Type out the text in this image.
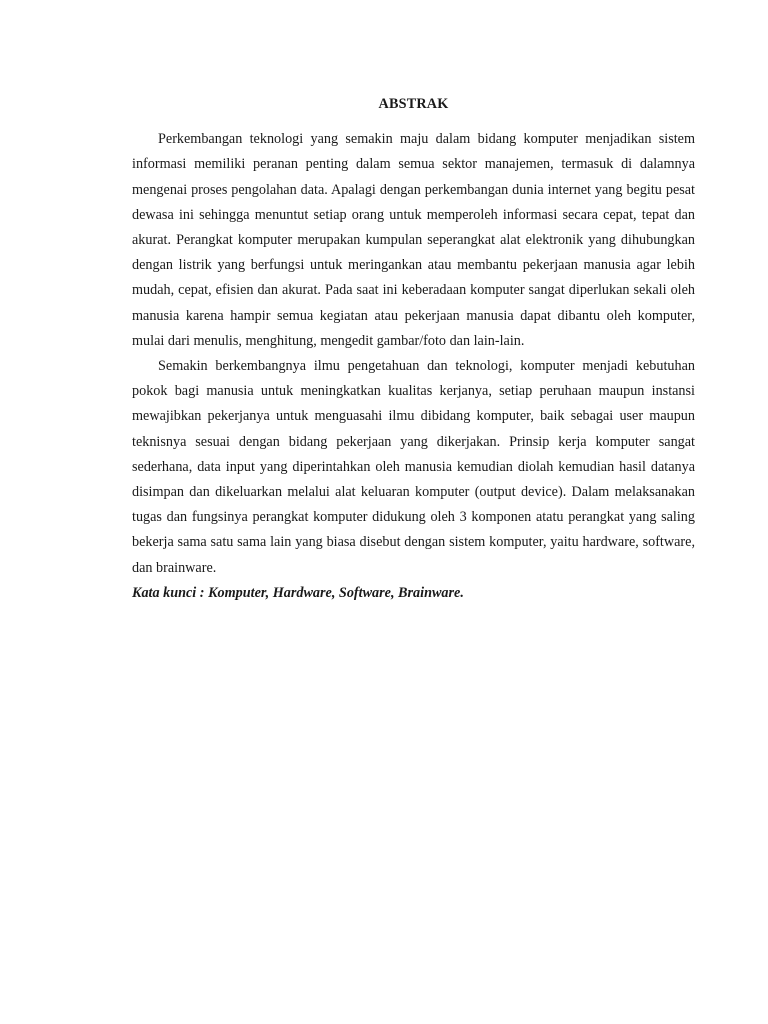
ABSTRAK

Perkembangan teknologi yang semakin maju dalam bidang komputer menjadikan sistem informasi memiliki peranan penting dalam semua sektor manajemen, termasuk di dalamnya mengenai proses pengolahan data. Apalagi dengan perkembangan dunia internet yang begitu pesat dewasa ini sehingga menuntut setiap orang untuk memperoleh informasi secara cepat, tepat dan akurat. Perangkat komputer merupakan kumpulan seperangkat alat elektronik yang dihubungkan dengan listrik yang berfungsi untuk meringankan atau membantu pekerjaan manusia agar lebih mudah, cepat, efisien dan akurat. Pada saat ini keberadaan komputer sangat diperlukan sekali oleh manusia karena hampir semua kegiatan atau pekerjaan manusia dapat dibantu oleh komputer, mulai dari menulis, menghitung, mengedit gambar/foto dan lain-lain.

Semakin berkembangnya ilmu pengetahuan dan teknologi, komputer menjadi kebutuhan pokok bagi manusia untuk meningkatkan kualitas kerjanya, setiap peruhaan maupun instansi mewajibkan pekerjanya untuk menguasahi ilmu dibidang komputer, baik sebagai user maupun teknisnya sesuai dengan bidang pekerjaan yang dikerjakan. Prinsip kerja komputer sangat sederhana, data input yang diperintahkan oleh manusia kemudian diolah kemudian hasil datanya disimpan dan dikeluarkan melalui alat keluaran komputer (output device). Dalam melaksanakan tugas dan fungsinya perangkat komputer didukung oleh 3 komponen atatu perangkat yang saling bekerja sama satu sama lain yang biasa disebut dengan sistem komputer, yaitu hardware, software, dan brainware.

Kata kunci : Komputer, Hardware, Software, Brainware.
